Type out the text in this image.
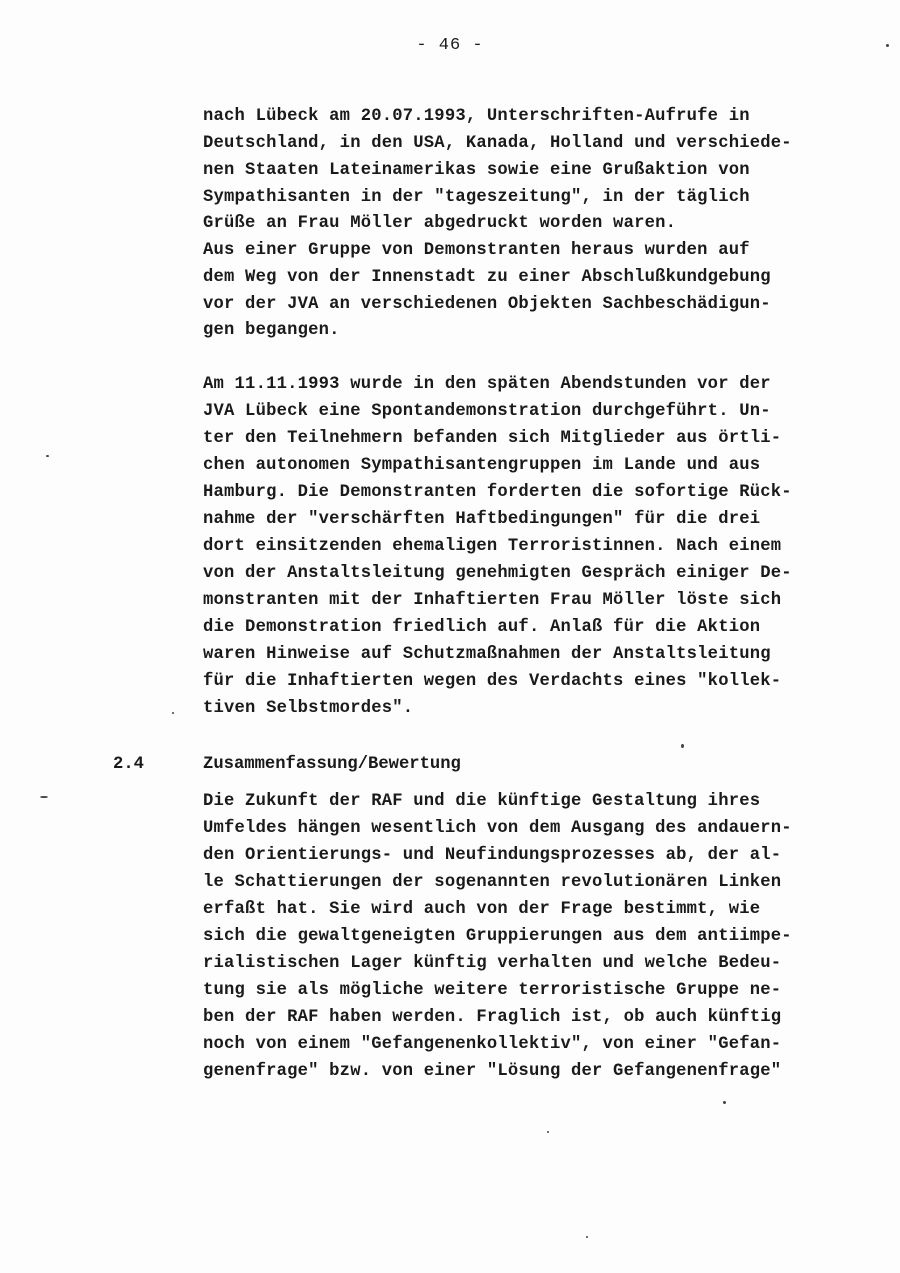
- 46 -
nach Lübeck am 20.07.1993, Unterschriften-Aufrufe in
Deutschland, in den USA, Kanada, Holland und verschiede-
nen Staaten Lateinamerikas sowie eine Grußaktion von
Sympathisanten in der "tageszeitung", in der täglich
Grüße an Frau Möller abgedruckt worden waren.
Aus einer Gruppe von Demonstranten heraus wurden auf
dem Weg von der Innenstadt zu einer Abschlußkundgebung
vor der JVA an verschiedenen Objekten Sachbeschädigun-
gen begangen.
Am 11.11.1993 wurde in den späten Abendstunden vor der
JVA Lübeck eine Spontandemonstration durchgeführt. Un-
ter den Teilnehmern befanden sich Mitglieder aus örtli-
chen autonomen Sympathisantengruppen im Lande und aus
Hamburg. Die Demonstranten forderten die sofortige Rück-
nahme der "verschärften Haftbedingungen" für die drei
dort einsitzenden ehemaligen Terroristinnen. Nach einem
von der Anstaltsleitung genehmigten Gespräch einiger De-
monstranten mit der Inhaftierten Frau Möller löste sich
die Demonstration friedlich auf. Anlaß für die Aktion
waren Hinweise auf Schutzmaßnahmen der Anstaltsleitung
für die Inhaftierten wegen des Verdachts eines "kollek-
tiven Selbstmordes".
2.4	Zusammenfassung/Bewertung
Die Zukunft der RAF und die künftige Gestaltung ihres
Umfeldes hängen wesentlich von dem Ausgang des andauern-
den Orientierungs- und Neufindungsprozesses ab, der al-
le Schattierungen der sogenannten revolutionären Linken
erfaßt hat. Sie wird auch von der Frage bestimmt, wie
sich die gewaltgeneigten Gruppierungen aus dem antiimpe-
rialistischen Lager künftig verhalten und welche Bedeu-
tung sie als mögliche weitere terroristische Gruppe ne-
ben der RAF haben werden. Fraglich ist, ob auch künftig
noch von einem "Gefangenenkollektiv", von einer "Gefan-
genenfrage" bzw. von einer "Lösung der Gefangenenfrage"
